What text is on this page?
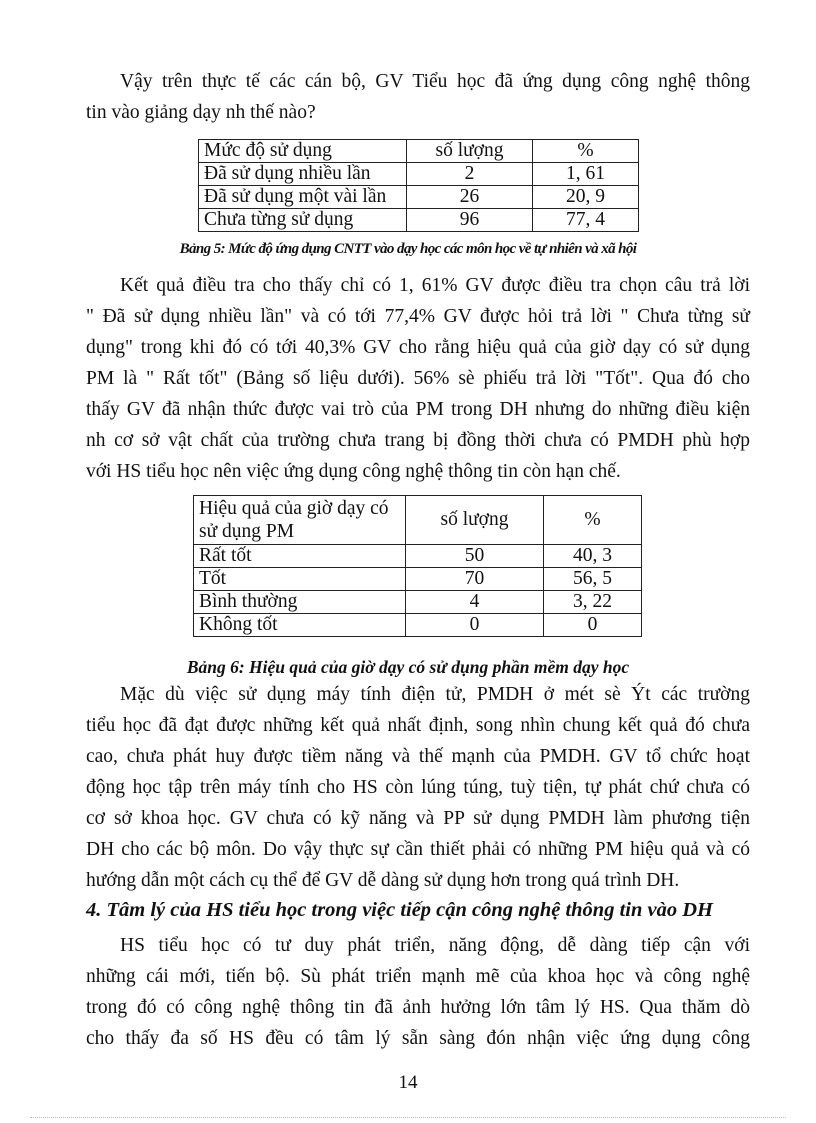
Vậy trên thực tế các cán bộ, GV Tiểu học đã ứng dụng công nghệ thông

tin vào giảng dạy nh thế nào?

Mức độ sử dụng	số lượng	%
Đã sử dụng nhiều lần	2	1, 61
Đã sử dụng một vài lần	26	20, 9
Chưa từng sử dụng	96	77, 4
Bảng 5: Mức độ ứng dụng CNTT vào dạy học các môn học về tự nhiên và xã hội

Kết quả điều tra cho thấy chỉ có 1, 61% GV được điều tra chọn câu trả lời

" Đã sử dụng nhiều lần" và có tới 77,4% GV được hỏi trả lời " Chưa từng sử

dụng" trong khi đó có tới 40,3% GV cho rằng hiệu quả của giờ dạy có sử dụng

PM là " Rất tốt" (Bảng số liệu dưới). 56% sè phiếu trả lời "Tốt". Qua đó cho

thấy GV đã nhận thức được vai trò của PM trong DH nhưng do những điều kiện

nh cơ sở vật chất của trường chưa trang bị đồng thời chưa có PMDH phù hợp

với HS tiểu học nên việc ứng dụng công nghệ thông tin còn hạn chế.

Hiệu quả của giờ dạy có sử dụng PM	số lượng	%
Rất tốt	50	40, 3
Tốt	70	56, 5
Bình thường	4	3, 22
Không tốt	0	0
Bảng 6: Hiệu quả của giờ dạy có sử dụng phần mềm dạy học

Mặc dù việc sử dụng máy tính điện tử, PMDH ở mét sè Ýt các trường

tiểu học đã đạt được những kết quả nhất định, song nhìn chung kết quả đó chưa

cao, chưa phát huy được tiềm năng và thế mạnh của PMDH. GV tổ chức hoạt

động học tập trên máy tính cho HS còn lúng túng, tuỳ tiện, tự phát chứ chưa có

cơ sở khoa học. GV chưa có kỹ năng và PP sử dụng PMDH làm phương tiện

DH cho các bộ môn. Do vậy thực sự cần thiết phải có những PM hiệu quả và có

hướng dẫn một cách cụ thể để GV dễ dàng sử dụng hơn trong quá trình DH.

4. Tâm lý của HS tiểu học trong việc tiếp cận công nghệ thông tin vào DH

HS tiểu học có tư duy phát triển, năng động, dễ dàng tiếp cận với

những cái mới, tiến bộ. Sù phát triển mạnh mẽ của khoa học và công nghệ

trong đó có công nghệ thông tin đã ảnh hưởng lớn tâm lý HS. Qua thăm dò

cho thấy đa số HS đều có tâm lý sẵn sàng đón nhận việc ứng dụng công

14
